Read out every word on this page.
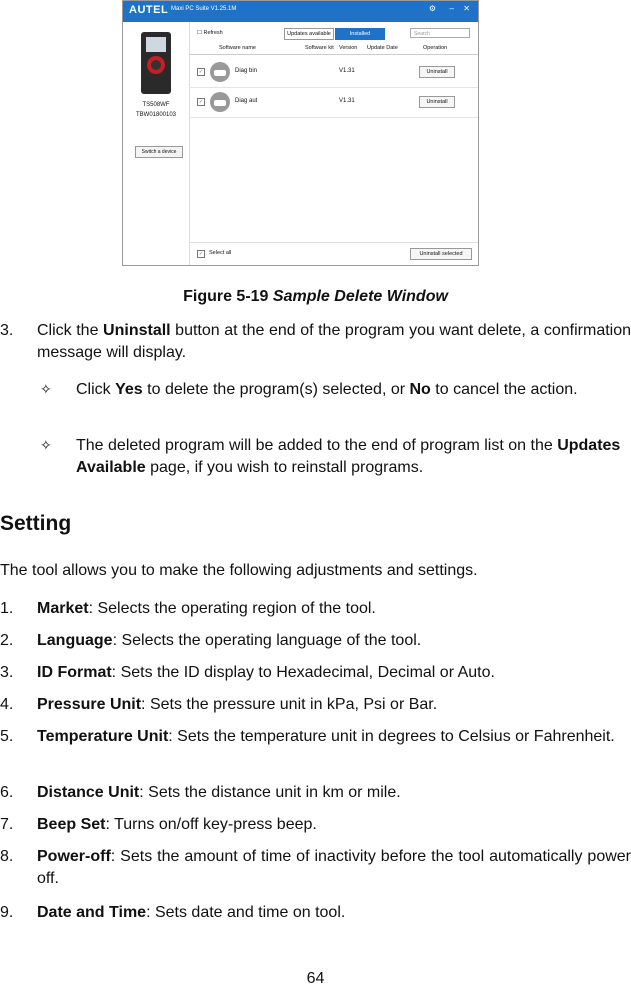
AUTEL Maxi PC Suite V1.25.1M	⚙ – ✕
TS508WF
TBW01800103
Switch a device
☐ Refresh	Updates available	Installed	Search
Software name	Software kit Version Update Date	Operation
✓	Diag bin	V1.31	Uninstall
✓	Diag aut	V1.31	Uninstall
✓	Select all	Uninstall selected
Figure 5-19 Sample Delete Window
3. Click the Uninstall button at the end of the program you want delete, a confirmation message will display.
✧ Click Yes to delete the program(s) selected, or No to cancel the action.
✧ The deleted program will be added to the end of program list on the Updates Available page, if you wish to reinstall programs.
Setting
The tool allows you to make the following adjustments and settings.
1. Market: Selects the operating region of the tool.
2. Language: Selects the operating language of the tool.
3. ID Format: Sets the ID display to Hexadecimal, Decimal or Auto.
4. Pressure Unit: Sets the pressure unit in kPa, Psi or Bar.
5. Temperature Unit: Sets the temperature unit in degrees to Celsius or Fahrenheit.
6. Distance Unit: Sets the distance unit in km or mile.
7. Beep Set: Turns on/off key-press beep.
8. Power-off: Sets the amount of time of inactivity before the tool automatically power off.
9. Date and Time: Sets date and time on tool.
64
